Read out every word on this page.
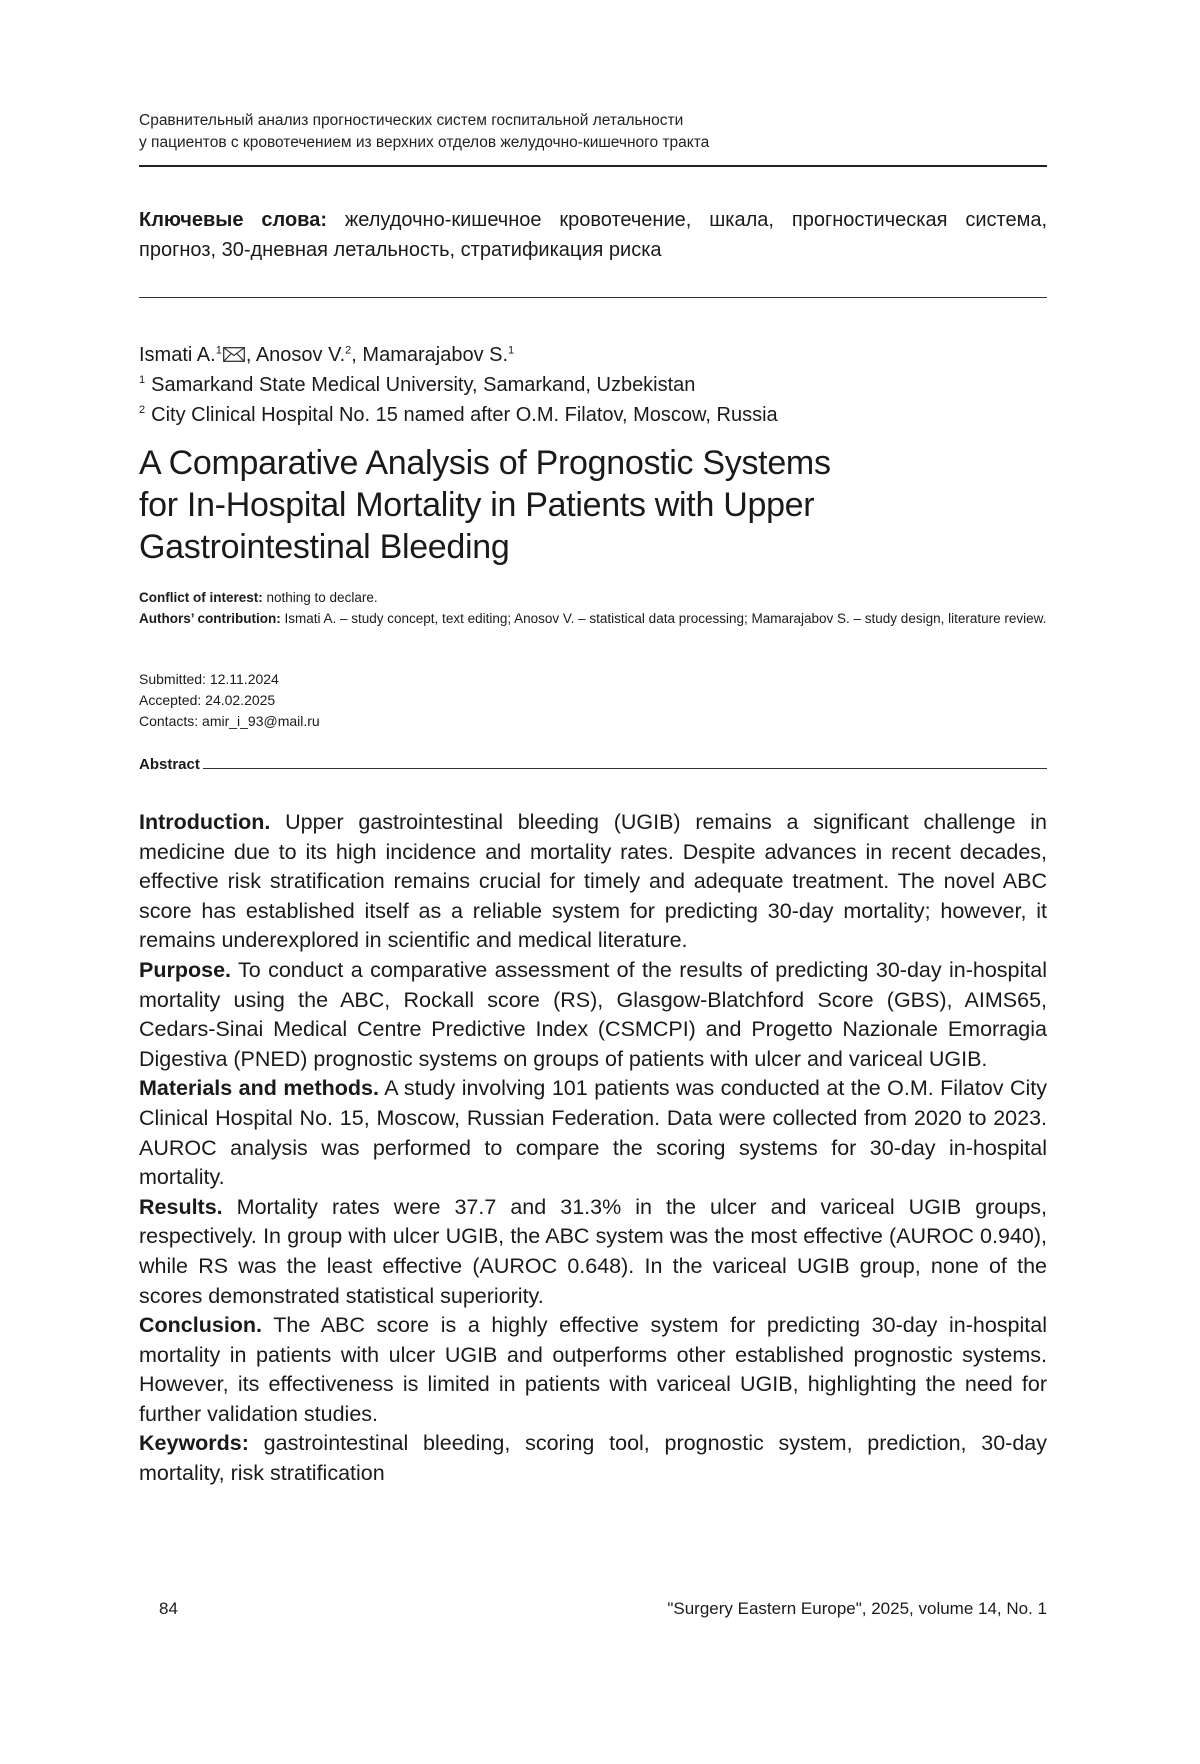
Сравнительный анализ прогностических систем госпитальной летальности
у пациентов с кровотечением из верхних отделов желудочно-кишечного тракта
Ключевые слова: желудочно-кишечное кровотечение, шкала, прогностическая система, прогноз, 30-дневная летальность, стратификация риска
Ismati A.$^1$ , Anosov V.$^2$, Mamarajabov S.$^1$
$^1$ Samarkand State Medical University, Samarkand, Uzbekistan
$^2$ City Clinical Hospital No. 15 named after O.M. Filatov, Moscow, Russia
A Comparative Analysis of Prognostic Systems
for In-Hospital Mortality in Patients with Upper
Gastrointestinal Bleeding
Conflict of interest: nothing to declare.
Authors’ contribution: Ismati A. – study concept, text editing; Anosov V. – statistical data processing; Mamarajabov S. – study design, literature review.
Submitted: 12.11.2024
Accepted: 24.02.2025
Contacts: amir_i_93@mail.ru
Abstract

Introduction. Upper gastrointestinal bleeding (UGIB) remains a significant challenge in medicine due to its high incidence and mortality rates. Despite advances in recent decades, effective risk stratification remains crucial for timely and adequate treatment. The novel ABC score has established itself as a reliable system for predicting 30-day mortality; however, it remains underexplored in scientific and medical literature.

Purpose. To conduct a comparative assessment of the results of predicting 30-day in-hospital mortality using the ABC, Rockall score (RS), Glasgow-Blatchford Score (GBS), AIMS65, Cedars-Sinai Medical Centre Predictive Index (CSMCPI) and Progetto Nazionale Emorragia Digestiva (PNED) prognostic systems on groups of patients with ulcer and variceal UGIB.

Materials and methods. A study involving 101 patients was conducted at the O.M. Filatov City Clinical Hospital No. 15, Moscow, Russian Federation. Data were collected from 2020 to 2023. AUROC analysis was performed to compare the scoring systems for 30-day in-hospital mortality.

Results. Mortality rates were 37.7 and 31.3% in the ulcer and variceal UGIB groups, respectively. In group with ulcer UGIB, the ABC system was the most effective (AUROC 0.940), while RS was the least effective (AUROC 0.648). In the variceal UGIB group, none of the scores demonstrated statistical superiority.

Conclusion. The ABC score is a highly effective system for predicting 30-day in-hospital mortality in patients with ulcer UGIB and outperforms other established prognostic systems. However, its effectiveness is limited in patients with variceal UGIB, highlighting the need for further validation studies.

Keywords: gastrointestinal bleeding, scoring tool, prognostic system, prediction, 30-day mortality, risk stratification

84	"Surgery Eastern Europe", 2025, volume 14, No. 1
